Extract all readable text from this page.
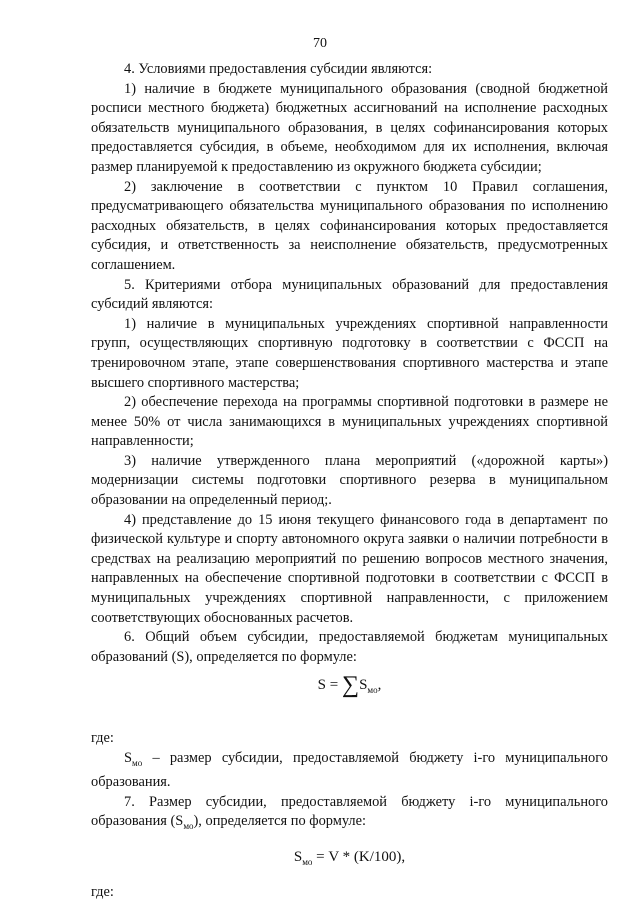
70

4. Условиями предоставления субсидии являются:

1) наличие в бюджете муниципального образования (сводной бюджетной росписи местного бюджета) бюджетных ассигнований на исполнение расходных обязательств муниципального образования, в целях софинансирования которых предоставляется субсидия, в объеме, необходимом для их исполнения, включая размер планируемой к предоставлению из окружного бюджета субсидии;

2) заключение в соответствии с пунктом 10 Правил соглашения, предусматривающего обязательства муниципального образования по исполнению расходных обязательств, в целях софинансирования которых предоставляется субсидия, и ответственность за неисполнение обязательств, предусмотренных соглашением.

5. Критериями отбора муниципальных образований для предоставления субсидий являются:

1) наличие в муниципальных учреждениях спортивной направленности групп, осуществляющих спортивную подготовку в соответствии с ФССП на тренировочном этапе, этапе совершенствования спортивного мастерства и этапе высшего спортивного мастерства;

2) обеспечение перехода на программы спортивной подготовки в размере не менее 50% от числа занимающихся в муниципальных учреждениях спортивной направленности;

3) наличие утвержденного плана мероприятий («дорожной карты») модернизации системы подготовки спортивного резерва в муниципальном образовании на определенный период;.

4) представление до 15 июня текущего финансового года в департамент по физической культуре и спорту автономного округа заявки о наличии потребности в средствах на реализацию мероприятий по решению вопросов местного значения, направленных на обеспечение спортивной подготовки в соответствии с ФССП в муниципальных учреждениях спортивной направленности, с приложением соответствующих обоснованных расчетов.

6. Общий объем субсидии, предоставляемой бюджетам муниципальных образований (S), определяется по формуле:

$S = \sum S_{мо}$,

где:

$S_{мо}$ – размер субсидии, предоставляемой бюджету i-го муниципального образования.

7. Размер субсидии, предоставляемой бюджету i-го муниципального образования $(S_{мо})$, определяется по формуле:

$S_{мо} = V * (K/100)$,

где:
